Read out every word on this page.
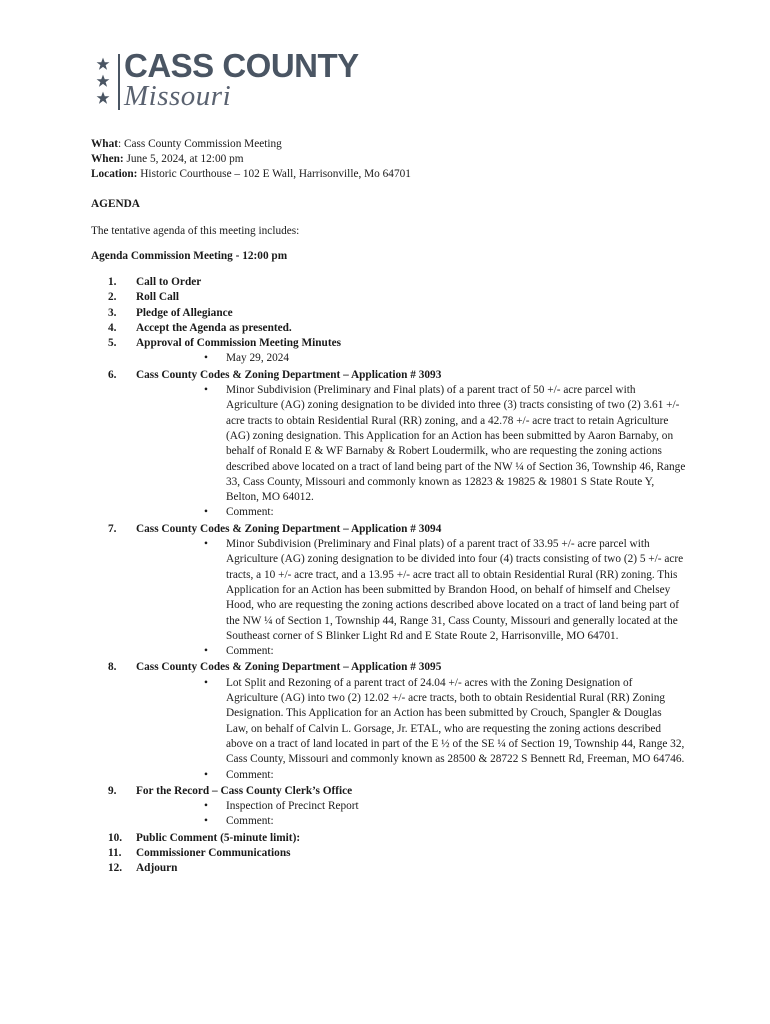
CASS COUNTY
Missouri
What: Cass County Commission Meeting
When: June 5, 2024, at 12:00 pm
Location: Historic Courthouse – 102 E Wall, Harrisonville, Mo 64701
AGENDA
The tentative agenda of this meeting includes:
Agenda Commission Meeting - 12:00 pm
1.	Call to Order
2.	Roll Call
3.	Pledge of Allegiance
4.	Accept the Agenda as presented.
5.	Approval of Commission Meeting Minutes
•	May 29, 2024
6.	Cass County Codes & Zoning Department – Application # 3093
•	Minor Subdivision (Preliminary and Final plats) of a parent tract of 50 +/- acre parcel with Agriculture (AG) zoning designation to be divided into three (3) tracts consisting of two (2) 3.61 +/- acre tracts to obtain Residential Rural (RR) zoning, and a 42.78 +/- acre tract to retain Agriculture (AG) zoning designation. This Application for an Action has been submitted by Aaron Barnaby, on behalf of Ronald E & WF Barnaby & Robert Loudermilk, who are requesting the zoning actions described above located on a tract of land being part of the NW ¼ of Section 36, Township 46, Range 33, Cass County, Missouri and commonly known as 12823 & 19825 & 19801 S State Route Y, Belton, MO 64012.
•	Comment:
7.	Cass County Codes & Zoning Department – Application # 3094
•	Minor Subdivision (Preliminary and Final plats) of a parent tract of 33.95 +/- acre parcel with Agriculture (AG) zoning designation to be divided into four (4) tracts consisting of two (2) 5 +/- acre tracts, a 10 +/- acre tract, and a 13.95 +/- acre tract all to obtain Residential Rural (RR) zoning. This Application for an Action has been submitted by Brandon Hood, on behalf of himself and Chelsey Hood, who are requesting the zoning actions described above located on a tract of land being part of the NW ¼ of Section 1, Township 44, Range 31, Cass County, Missouri and generally located at the Southeast corner of S Blinker Light Rd and E State Route 2, Harrisonville, MO 64701.
•	Comment:
8.	Cass County Codes & Zoning Department – Application # 3095
•	Lot Split and Rezoning of a parent tract of 24.04 +/- acres with the Zoning Designation of Agriculture (AG) into two (2) 12.02 +/- acre tracts, both to obtain Residential Rural (RR) Zoning Designation. This Application for an Action has been submitted by Crouch, Spangler & Douglas Law, on behalf of Calvin L. Gorsage, Jr. ETAL, who are requesting the zoning actions described above on a tract of land located in part of the E ½ of the SE ¼ of Section 19, Township 44, Range 32, Cass County, Missouri and commonly known as 28500 & 28722 S Bennett Rd, Freeman, MO 64746.
•	Comment:
9.	For the Record – Cass County Clerk’s Office
•	Inspection of Precinct Report
•	Comment:
10.	Public Comment (5-minute limit):
11.	Commissioner Communications
12.	Adjourn
